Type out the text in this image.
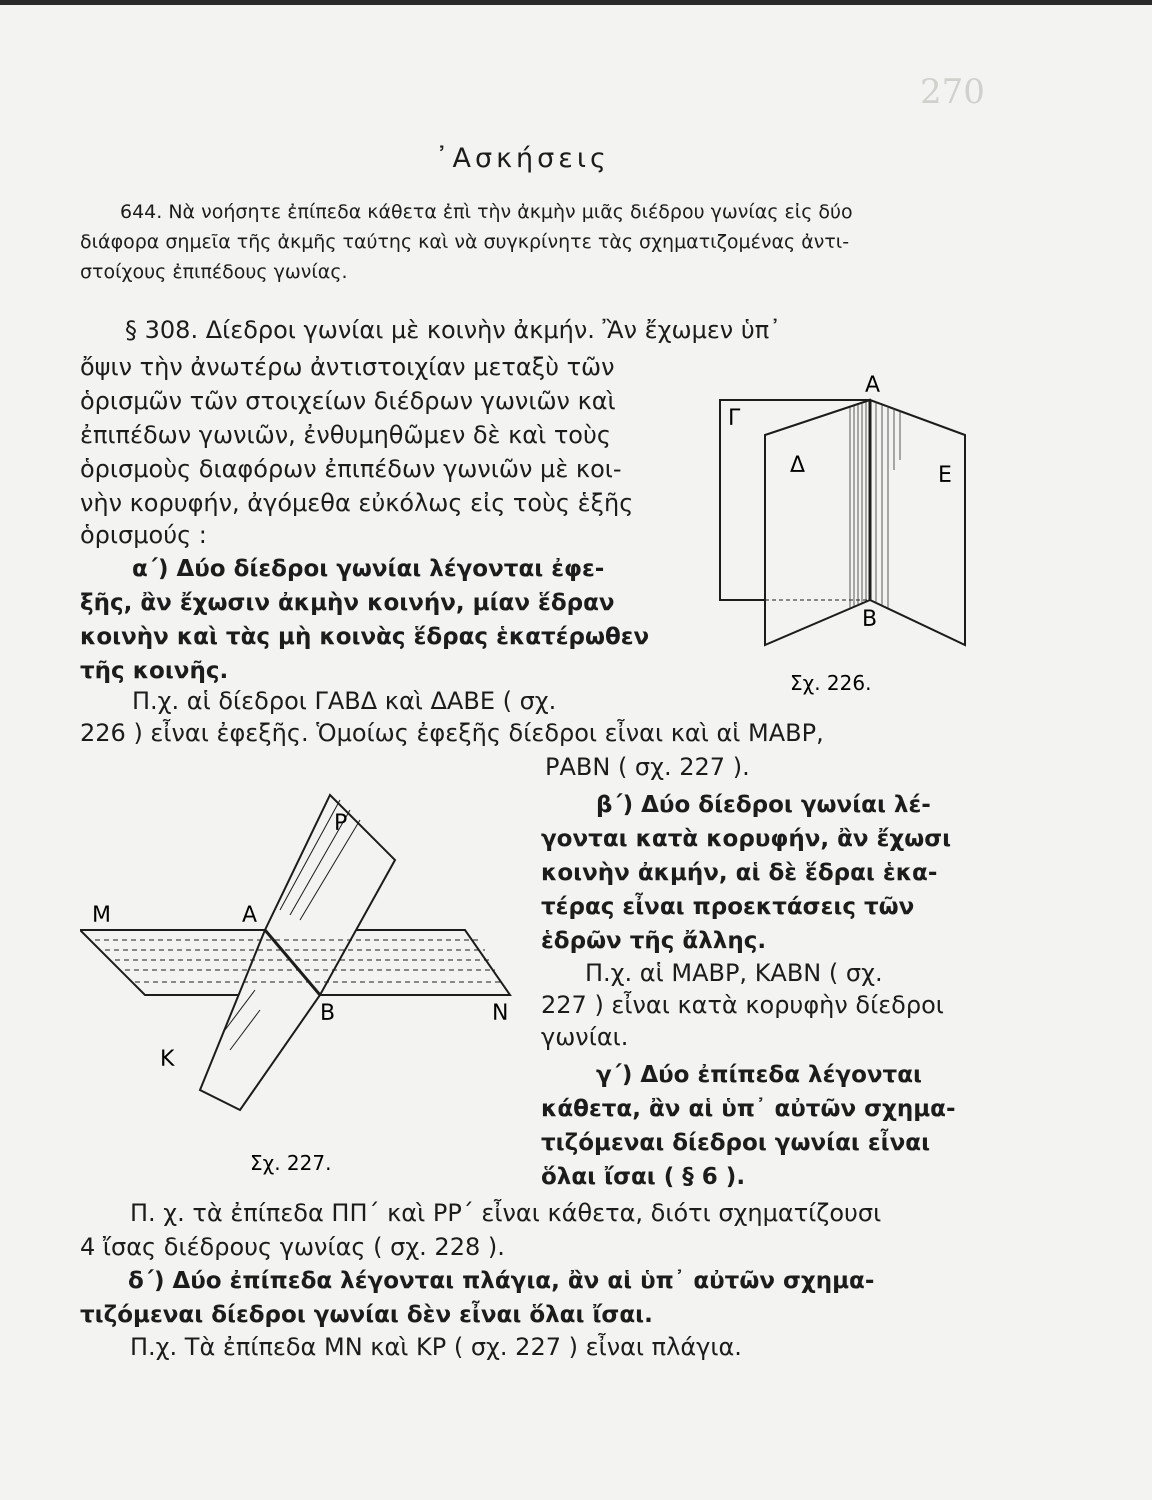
270
᾿Ασκήσεις
644. Νὰ νοήσητε ἐπίπεδα κάθετα ἐπὶ τὴν ἀκμὴν μιᾶς διέδρου γωνίας εἰς δύο
διάφορα σημεῖα τῆς ἀκμῆς ταύτης καὶ νὰ συγκρίνητε τὰς σχηματιζομένας ἀντι-
στοίχους ἐπιπέδους γωνίας.
§ 308. Δίεδροι γωνίαι μὲ κοινὴν ἀκμήν. Ἂν ἔχωμεν ὑπ᾿
ὄψιν τὴν ἀνωτέρω ἀντιστοιχίαν μεταξὺ τῶν
ὁρισμῶν τῶν στοιχείων διέδρων γωνιῶν καὶ
ἐπιπέδων γωνιῶν, ἐνθυμηθῶμεν δὲ καὶ τοὺς
ὁρισμοὺς διαφόρων ἐπιπέδων γωνιῶν μὲ κοι-
νὴν κορυφήν, ἀγόμεθα εὐκόλως εἰς τοὺς ἑξῆς
ὁρισμούς :
α΄) Δύο δίεδροι γωνίαι λέγονται ἐφε-
ξῆς, ἂν ἔχωσιν ἀκμὴν κοινήν, μίαν ἕδραν
κοινὴν καὶ τὰς μὴ κοινὰς ἕδρας ἑκατέρωθεν
τῆς κοινῆς.
Π.χ. αἱ δίεδροι ΓΑΒΔ καὶ ΔΑΒΕ ( σχ.
226 ) εἶναι ἐφεξῆς. Ὁμοίως ἐφεξῆς δίεδροι εἶναι καὶ αἱ ΜΑΒΡ,
ΡΑΒΝ ( σχ. 227 ).
β΄) Δύο δίεδροι γωνίαι λέ-
γονται κατὰ κορυφήν, ἂν ἔχωσι
κοινὴν ἀκμήν, αἱ δὲ ἕδραι ἑκα-
τέρας εἶναι προεκτάσεις τῶν
ἑδρῶν τῆς ἄλλης.
Π.χ. αἱ ΜΑΒΡ, ΚΑΒΝ ( σχ.
227 ) εἶναι κατὰ κορυφὴν δίεδροι
γωνίαι.
γ΄) Δύο ἐπίπεδα λέγονται
κάθετα, ἂν αἱ ὑπ᾿ αὐτῶν σχημα-
τιζόμεναι δίεδροι γωνίαι εἶναι
ὅλαι ἴσαι ( § 6 ).
Π. χ. τὰ ἐπίπεδα ΠΠ΄ καὶ ΡΡ΄ εἶναι κάθετα, διότι σχηματίζουσι
4 ἴσας διέδρους γωνίας ( σχ. 228 ).
δ΄) Δύο ἐπίπεδα λέγονται πλάγια, ἂν αἱ ὑπ᾿ αὐτῶν σχημα-
τιζόμεναι δίεδροι γωνίαι δὲν εἶναι ὅλαι ἴσαι.
Π.χ. Τὰ ἐπίπεδα ΜΝ καὶ ΚΡ ( σχ. 227 ) εἶναι πλάγια.
Α
Γ
Δ	Ε
Β
Σχ. 226.
Μ	Α
Ρ
Β	Ν
Κ
Σχ. 227.
